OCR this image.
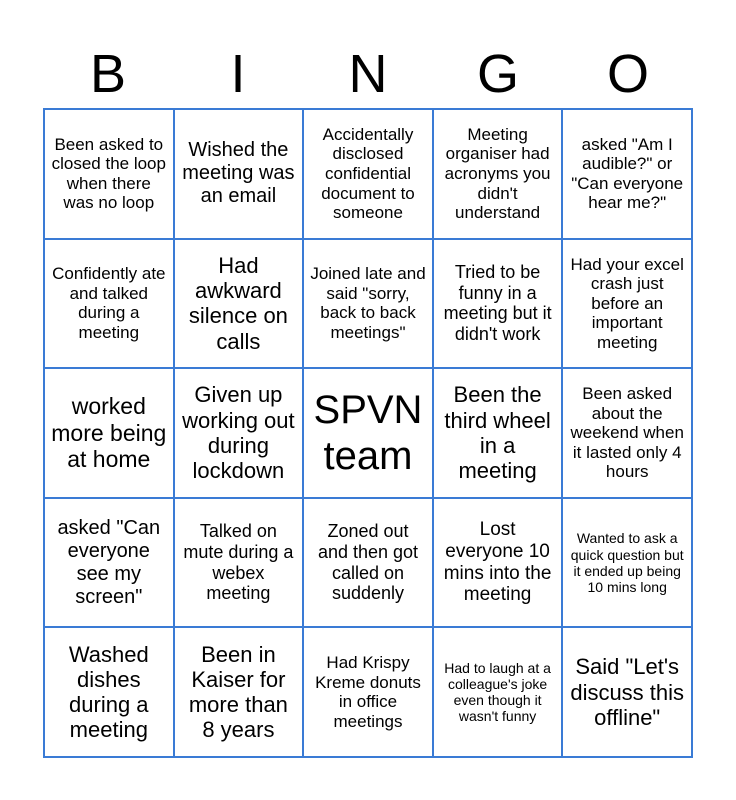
B	I	N	G	O
Been asked to closed the loop when there was no loop
Wished the meeting was an email
Accidentally disclosed confidential document to someone
Meeting organiser had acronyms you didn't understand
asked "Am I audible?" or "Can everyone hear me?"
Confidently ate and talked during a meeting
Had awkward silence on calls
Joined late and said "sorry, back to back meetings"
Tried to be funny in a meeting but it didn't work
Had your excel crash just before an important meeting
worked more being at home
Given up working out during lockdown
SPVN team
Been the third wheel in a meeting
Been asked about the weekend when it lasted only 4 hours
asked "Can everyone see my screen"
Talked on mute during a webex meeting
Zoned out and then got called on suddenly
Lost everyone 10 mins into the meeting
Wanted to ask a quick question but it ended up being 10 mins long
Washed dishes during a meeting
Been in Kaiser for more than 8 years
Had Krispy Kreme donuts in office meetings
Had to laugh at a colleague's joke even though it wasn't funny
Said "Let's discuss this offline"
